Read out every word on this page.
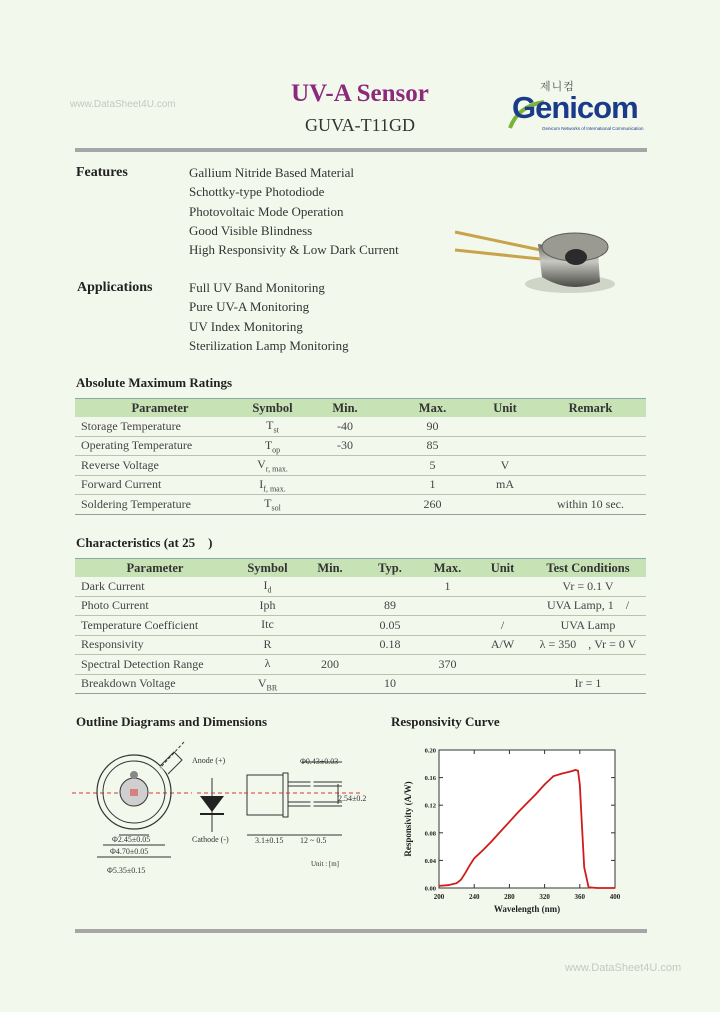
www.DataSheet4U.com	UV-A Sensor
GUVA-T11GD
제니컴
Genicom
Genicom Networks of International Communication
Features	Gallium Nitride Based Material
Schottky-type Photodiode
Photovoltaic Mode Operation
Good Visible Blindness
High Responsivity & Low Dark Current
Applications	Full UV Band Monitoring
Pure UV-A Monitoring
UV Index Monitoring
Sterilization Lamp Monitoring
Absolute Maximum Ratings
Parameter	Symbol	Min.	Max.	Unit	Remark
Storage Temperature	$T_{st}$	-40	90		
Operating Temperature	$T_{op}$	-30	85		
Reverse Voltage	$V_{r, max.}$		5	V	
Forward Current	$I_{f, max.}$		1	mA	
Soldering Temperature	$T_{sol}$		260		within 10 sec.
Characteristics (at 25    )
Parameter	Symbol	Min.	Typ.	Max.	Unit	Test Conditions
Dark Current	$I_d$			1		Vr = 0.1 V
Photo Current	Iph		89			UVA Lamp, 1    /
Temperature Coefficient	Itc		0.05		/	UVA Lamp
Responsivity	R		0.18		A/W	λ = 350    , Vr = 0 V
Spectral Detection Range	λ	200		370		
Breakdown Voltage	$V_{BR}$		10			Ir = 1
Outline Diagrams and Dimensions
Anode (+)
Cathode (-)
Φ2.45±0.05
Φ4.70±0.05
Φ5.35±0.15
Φ0.43±0.03
2.54±0.2
3.1±0.15 12 ~ 0.5
Unit : [m]
Responsivity Curve
200	240	280	320	360	400
0.00
0.04
0.08
0.12
0.16
0.20
Wavelength (nm)
Responsivity (A/W)
www.DataSheet4U.com
